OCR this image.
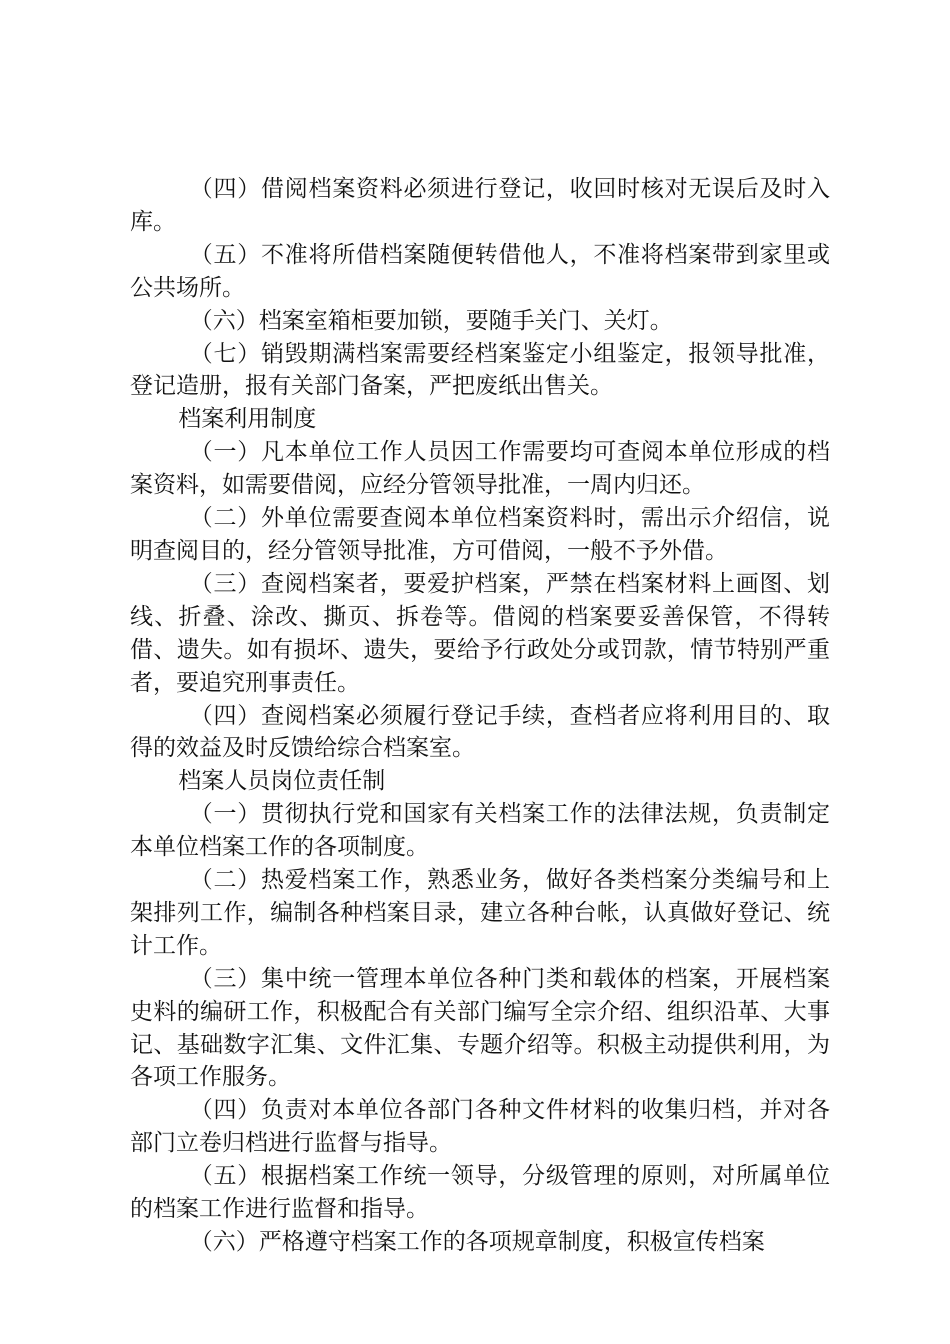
（四）借阅档案资料必须进行登记，收回时核对无误后及时入库。

（五）不准将所借档案随便转借他人，不准将档案带到家里或公共场所。

（六）档案室箱柜要加锁，要随手关门、关灯。

（七）销毁期满档案需要经档案鉴定小组鉴定，报领导批准，登记造册，报有关部门备案，严把废纸出售关。

档案利用制度

（一）凡本单位工作人员因工作需要均可查阅本单位形成的档案资料，如需要借阅，应经分管领导批准，一周内归还。

（二）外单位需要查阅本单位档案资料时，需出示介绍信，说明查阅目的，经分管领导批准，方可借阅，一般不予外借。

（三）查阅档案者，要爱护档案，严禁在档案材料上画图、划线、折叠、涂改、撕页、拆卷等。借阅的档案要妥善保管，不得转借、遗失。如有损坏、遗失，要给予行政处分或罚款，情节特别严重者，要追究刑事责任。

（四）查阅档案必须履行登记手续，查档者应将利用目的、取得的效益及时反馈给综合档案室。

档案人员岗位责任制

（一）贯彻执行党和国家有关档案工作的法律法规，负责制定本单位档案工作的各项制度。

（二）热爱档案工作，熟悉业务，做好各类档案分类编号和上架排列工作，编制各种档案目录，建立各种台帐，认真做好登记、统计工作。

（三）集中统一管理本单位各种门类和载体的档案，开展档案史料的编研工作，积极配合有关部门编写全宗介绍、组织沿革、大事记、基础数字汇集、文件汇集、专题介绍等。积极主动提供利用，为各项工作服务。

（四）负责对本单位各部门各种文件材料的收集归档，并对各部门立卷归档进行监督与指导。

（五）根据档案工作统一领导，分级管理的原则，对所属单位的档案工作进行监督和指导。

（六）严格遵守档案工作的各项规章制度，积极宣传档案
